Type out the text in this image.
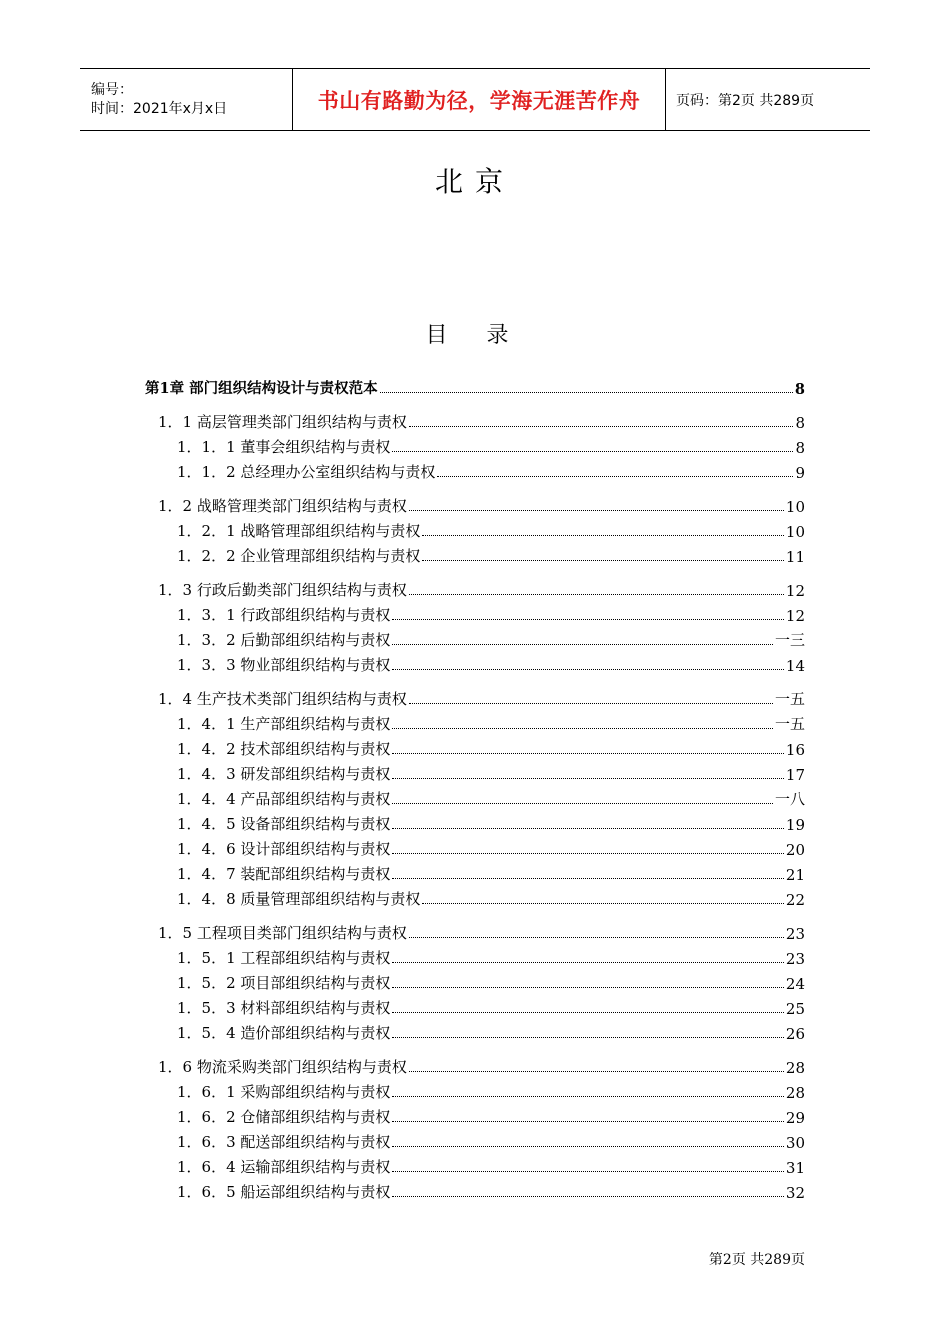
编号：
时间：2021年x月x日	书山有路勤为径，学海无涯苦作舟	页码：第2页 共289页
北京
目 录
第1章 部门组织结构设计与责权范本	8
1．1 高层管理类部门组织结构与责权	8
1．1．1 董事会组织结构与责权	8
1．1．2 总经理办公室组织结构与责权	9
1．2 战略管理类部门组织结构与责权	10
1．2．1 战略管理部组织结构与责权	10
1．2．2 企业管理部组织结构与责权	11
1．3 行政后勤类部门组织结构与责权	12
1．3．1 行政部组织结构与责权	12
1．3．2 后勤部组织结构与责权	一三
1．3．3 物业部组织结构与责权	14
1．4 生产技术类部门组织结构与责权	一五
1．4．1 生产部组织结构与责权	一五
1．4．2 技术部组织结构与责权	16
1．4．3 研发部组织结构与责权	17
1．4．4 产品部组织结构与责权	一八
1．4．5 设备部组织结构与责权	19
1．4．6 设计部组织结构与责权	20
1．4．7 装配部组织结构与责权	21
1．4．8 质量管理部组织结构与责权	22
1．5 工程项目类部门组织结构与责权	23
1．5．1 工程部组织结构与责权	23
1．5．2 项目部组织结构与责权	24
1．5．3 材料部组织结构与责权	25
1．5．4 造价部组织结构与责权	26
1．6 物流采购类部门组织结构与责权	28
1．6．1 采购部组织结构与责权	28
1．6．2 仓储部组织结构与责权	29
1．6．3 配送部组织结构与责权	30
1．6．4 运输部组织结构与责权	31
1．6．5 船运部组织结构与责权	32
第2页 共289页
